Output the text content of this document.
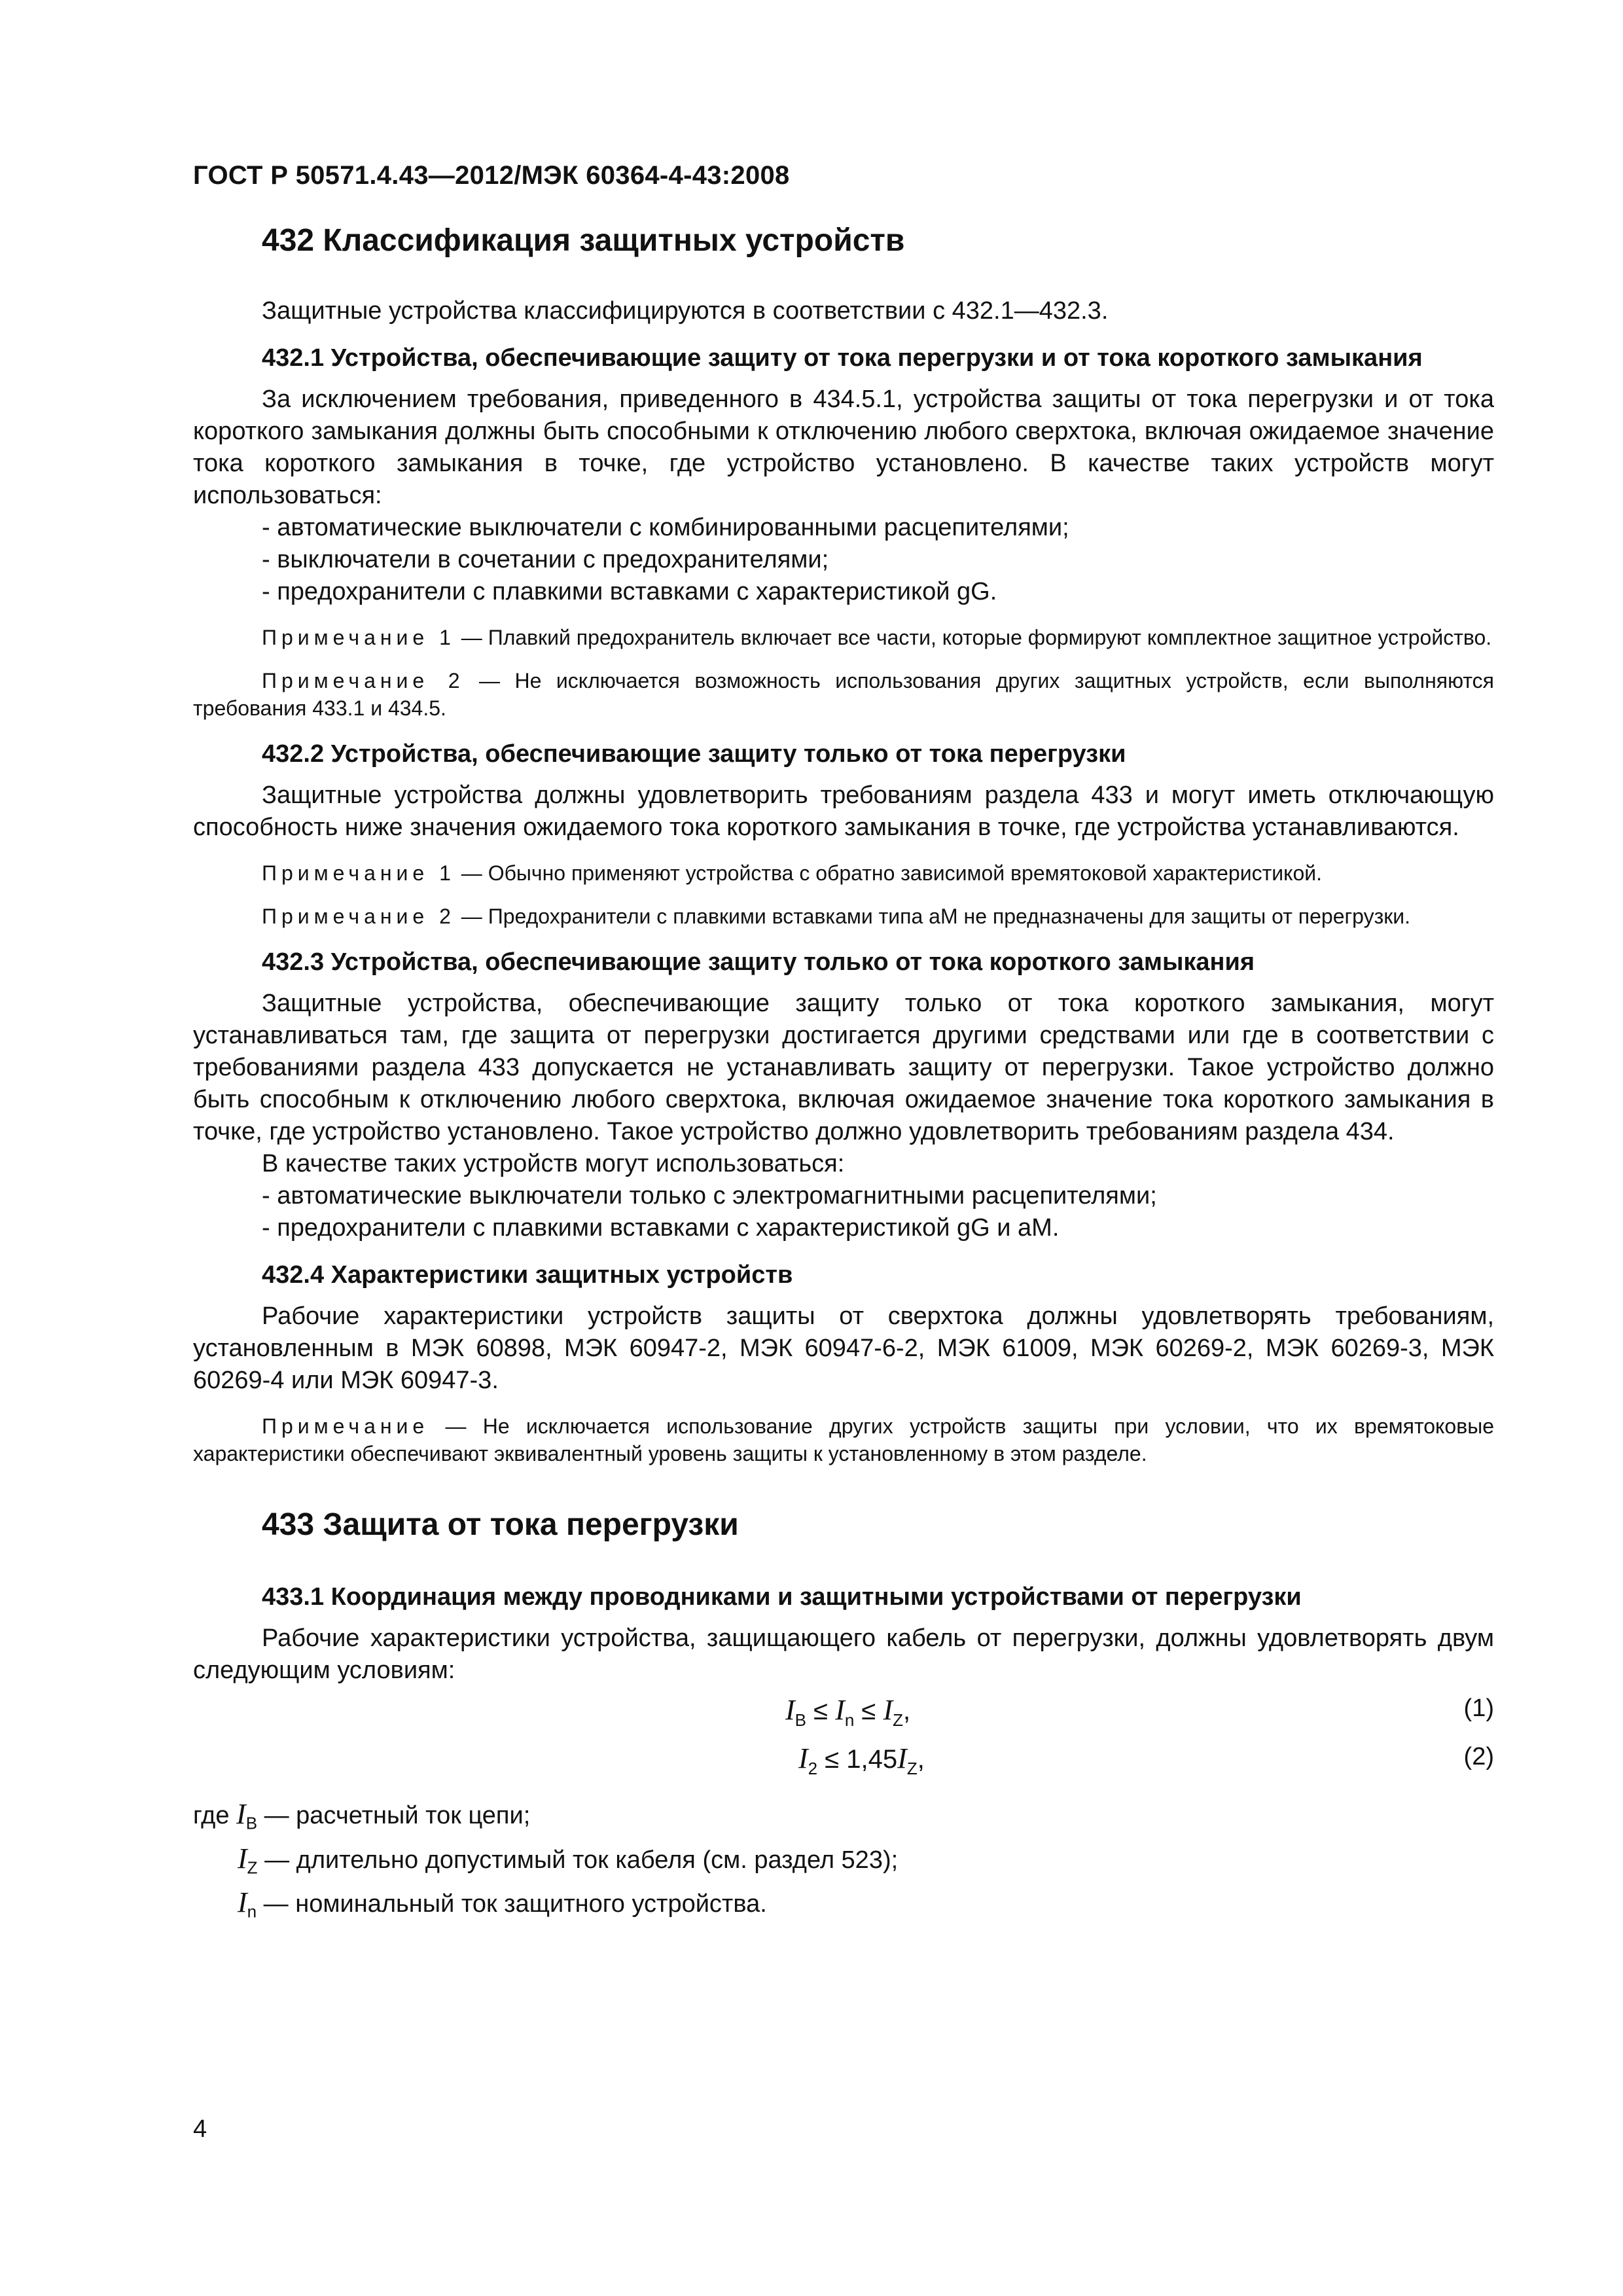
ГОСТ Р 50571.4.43—2012/МЭК 60364-4-43:2008
432 Классификация защитных устройств

Защитные устройства классифицируются в соответствии с 432.1—432.3.

432.1 Устройства, обеспечивающие защиту от тока перегрузки и от тока короткого замыкания

За исключением требования, приведенного в 434.5.1, устройства защиты от тока перегрузки и от тока короткого замыкания должны быть способными к отключению любого сверхтока, включая ожидаемое значение тока короткого замыкания в точке, где устройство установлено. В качестве таких устройств могут использоваться:

- автоматические выключатели с комбинированными расцепителями;

- выключатели в сочетании с предохранителями;

- предохранители с плавкими вставками с характеристикой gG.

Примечание 1 — Плавкий предохранитель включает все части, которые формируют комплектное защитное устройство.

Примечание 2 — Не исключается возможность использования других защитных устройств, если выполняются требования 433.1 и 434.5.

432.2 Устройства, обеспечивающие защиту только от тока перегрузки

Защитные устройства должны удовлетворить требованиям раздела 433 и могут иметь отключающую способность ниже значения ожидаемого тока короткого замыкания в точке, где устройства устанавливаются.

Примечание 1 — Обычно применяют устройства с обратно зависимой времятоковой характеристикой.

Примечание 2 — Предохранители с плавкими вставками типа aM не предназначены для защиты от перегрузки.

432.3 Устройства, обеспечивающие защиту только от тока короткого замыкания

Защитные устройства, обеспечивающие защиту только от тока короткого замыкания, могут устанавливаться там, где защита от перегрузки достигается другими средствами или где в соответствии с требованиями раздела 433 допускается не устанавливать защиту от перегрузки. Такое устройство должно быть способным к отключению любого сверхтока, включая ожидаемое значение тока короткого замыкания в точке, где устройство установлено. Такое устройство должно удовлетворить требованиям раздела 434.

В качестве таких устройств могут использоваться:

- автоматические выключатели только с электромагнитными расцепителями;

- предохранители с плавкими вставками с характеристикой gG и aM.

432.4 Характеристики защитных устройств

Рабочие характеристики устройств защиты от сверхтока должны удовлетворять требованиям, установленным в МЭК 60898, МЭК 60947-2, МЭК 60947-6-2, МЭК 61009, МЭК 60269-2, МЭК 60269-3, МЭК 60269-4 или МЭК 60947-3.

Примечание — Не исключается использование других устройств защиты при условии, что их времятоковые характеристики обеспечивают эквивалентный уровень защиты к установленному в этом разделе.

433 Защита от тока перегрузки
433.1 Координация между проводниками и защитными устройствами от перегрузки

Рабочие характеристики устройства, защищающего кабель от перегрузки, должны удовлетворять двум следующим условиям:

$I_B \le I_n \le I_Z$,	(1)
$I_2 \le 1,45I_Z$,	(2)

где $I_B$ — расчетный ток цепи;

$I_Z$ — длительно допустимый ток кабеля (см. раздел 523);

$I_n$ — номинальный ток защитного устройства.

4
